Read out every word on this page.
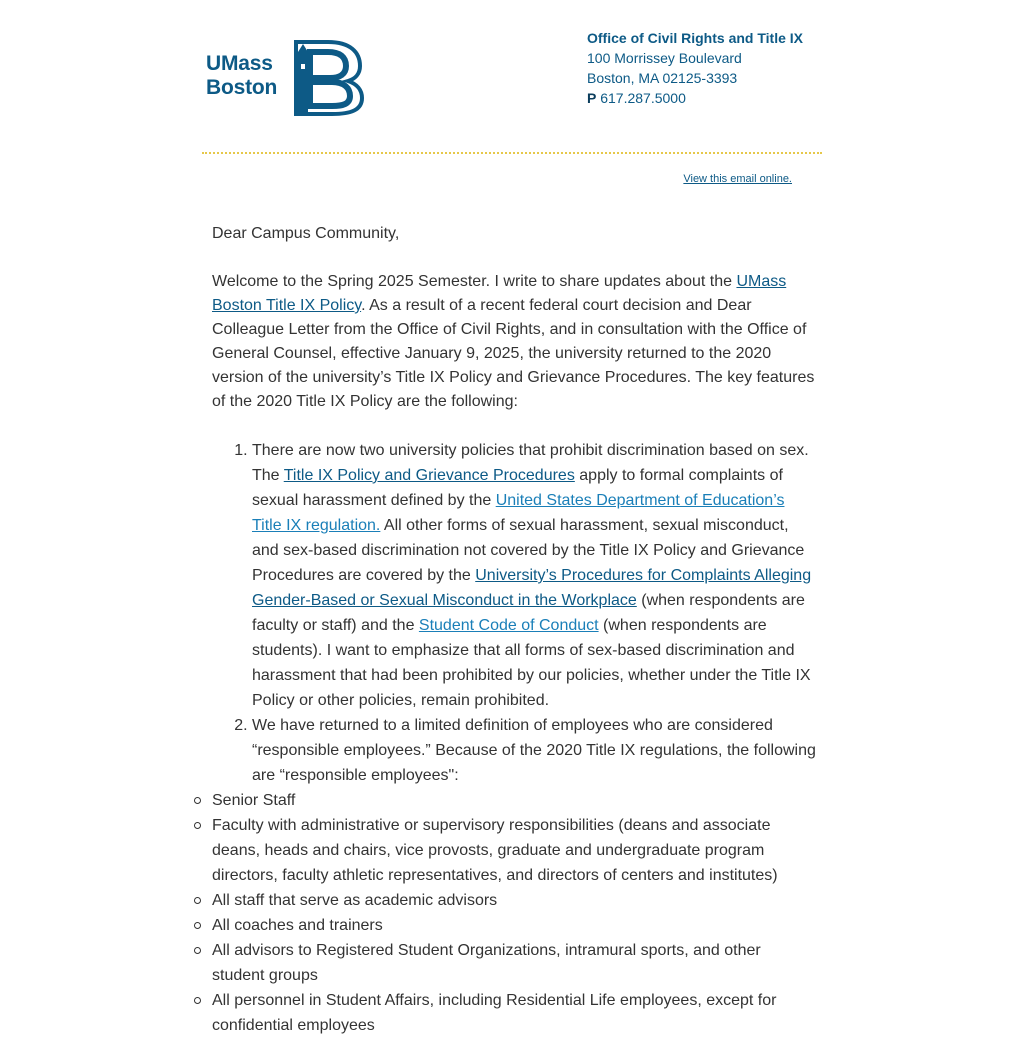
UMass
Boston
Office of Civil Rights and Title IX
100 Morrissey Boulevard
Boston, MA 02125-3393
P 617.287.5000
View this email online.

Dear Campus Community,

Welcome to the Spring 2025 Semester. I write to share updates about the UMass Boston Title IX Policy. As a result of a recent federal court decision and Dear Colleague Letter from the Office of Civil Rights, and in consultation with the Office of General Counsel, effective January 9, 2025, the university returned to the 2020 version of the university’s Title IX Policy and Grievance Procedures. The key features of the 2020 Title IX Policy are the following:

1. There are now two university policies that prohibit discrimination based on sex. The Title IX Policy and Grievance Procedures apply to formal complaints of sexual harassment defined by the United States Department of Education’s Title IX regulation. All other forms of sexual harassment, sexual misconduct, and sex-based discrimination not covered by the Title IX Policy and Grievance Procedures are covered by the University’s Procedures for Complaints Alleging Gender-Based or Sexual Misconduct in the Workplace (when respondents are faculty or staff) and the Student Code of Conduct (when respondents are students). I want to emphasize that all forms of sex-based discrimination and harassment that had been prohibited by our policies, whether under the Title IX Policy or other policies, remain prohibited.
2. We have returned to a limited definition of employees who are considered “responsible employees.” Because of the 2020 Title IX regulations, the following are “responsible employees":
Senior Staff
Faculty with administrative or supervisory responsibilities (deans and associate deans, heads and chairs, vice provosts, graduate and undergraduate program directors, faculty athletic representatives, and directors of centers and institutes)
All staff that serve as academic advisors
All coaches and trainers
All advisors to Registered Student Organizations, intramural sports, and other student groups
All personnel in Student Affairs, including Residential Life employees, except for confidential employees
